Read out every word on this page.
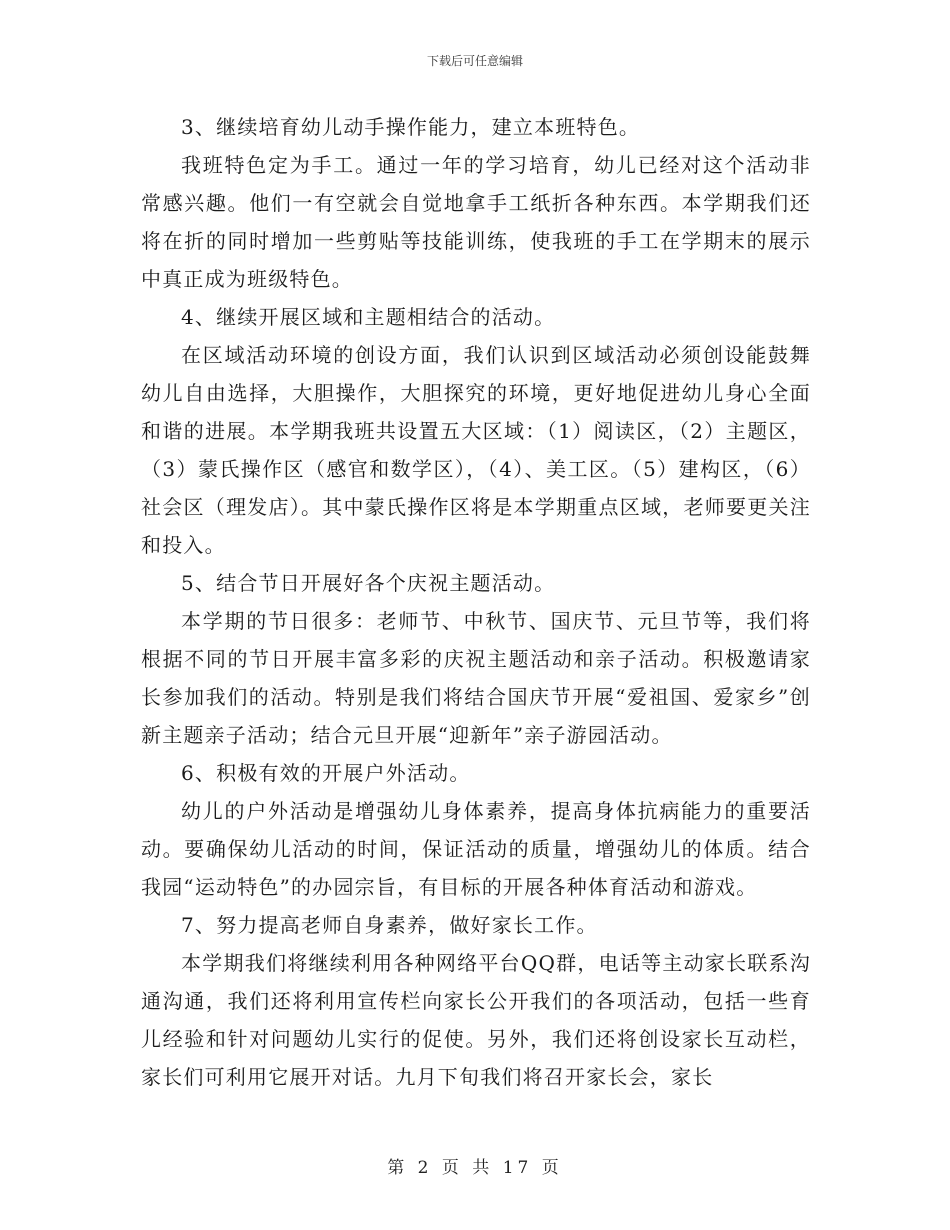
下载后可任意编辑

3、继续培育幼儿动手操作能力，建立本班特色。

我班特色定为手工。通过一年的学习培育，幼儿已经对这个活动非常感兴趣。他们一有空就会自觉地拿手工纸折各种东西。本学期我们还将在折的同时增加一些剪贴等技能训练，使我班的手工在学期末的展示中真正成为班级特色。

4、继续开展区域和主题相结合的活动。

在区域活动环境的创设方面，我们认识到区域活动必须创设能鼓舞幼儿自由选择，大胆操作，大胆探究的环境，更好地促进幼儿身心全面和谐的进展。本学期我班共设置五大区域：（1）阅读区，（2）主题区，（3）蒙氏操作区（感官和数学区），（4）、美工区。（5）建构区，（6）社会区（理发店）。其中蒙氏操作区将是本学期重点区域，老师要更关注和投入。

5、结合节日开展好各个庆祝主题活动。

本学期的节日很多：老师节、中秋节、国庆节、元旦节等，我们将根据不同的节日开展丰富多彩的庆祝主题活动和亲子活动。积极邀请家长参加我们的活动。特别是我们将结合国庆节开展“爱祖国、爱家乡”创新主题亲子活动；结合元旦开展“迎新年”亲子游园活动。

6、积极有效的开展户外活动。

幼儿的户外活动是增强幼儿身体素养，提高身体抗病能力的重要活动。要确保幼儿活动的时间，保证活动的质量，增强幼儿的体质。结合我园“运动特色”的办园宗旨，有目标的开展各种体育活动和游戏。

7、努力提高老师自身素养，做好家长工作。

本学期我们将继续利用各种网络平台QQ群，电话等主动家长联系沟通沟通，我们还将利用宣传栏向家长公开我们的各项活动，包括一些育儿经验和针对问题幼儿实行的促使。另外，我们还将创设家长互动栏，家长们可利用它展开对话。九月下旬我们将召开家长会，家长

第 2 页 共 17 页
